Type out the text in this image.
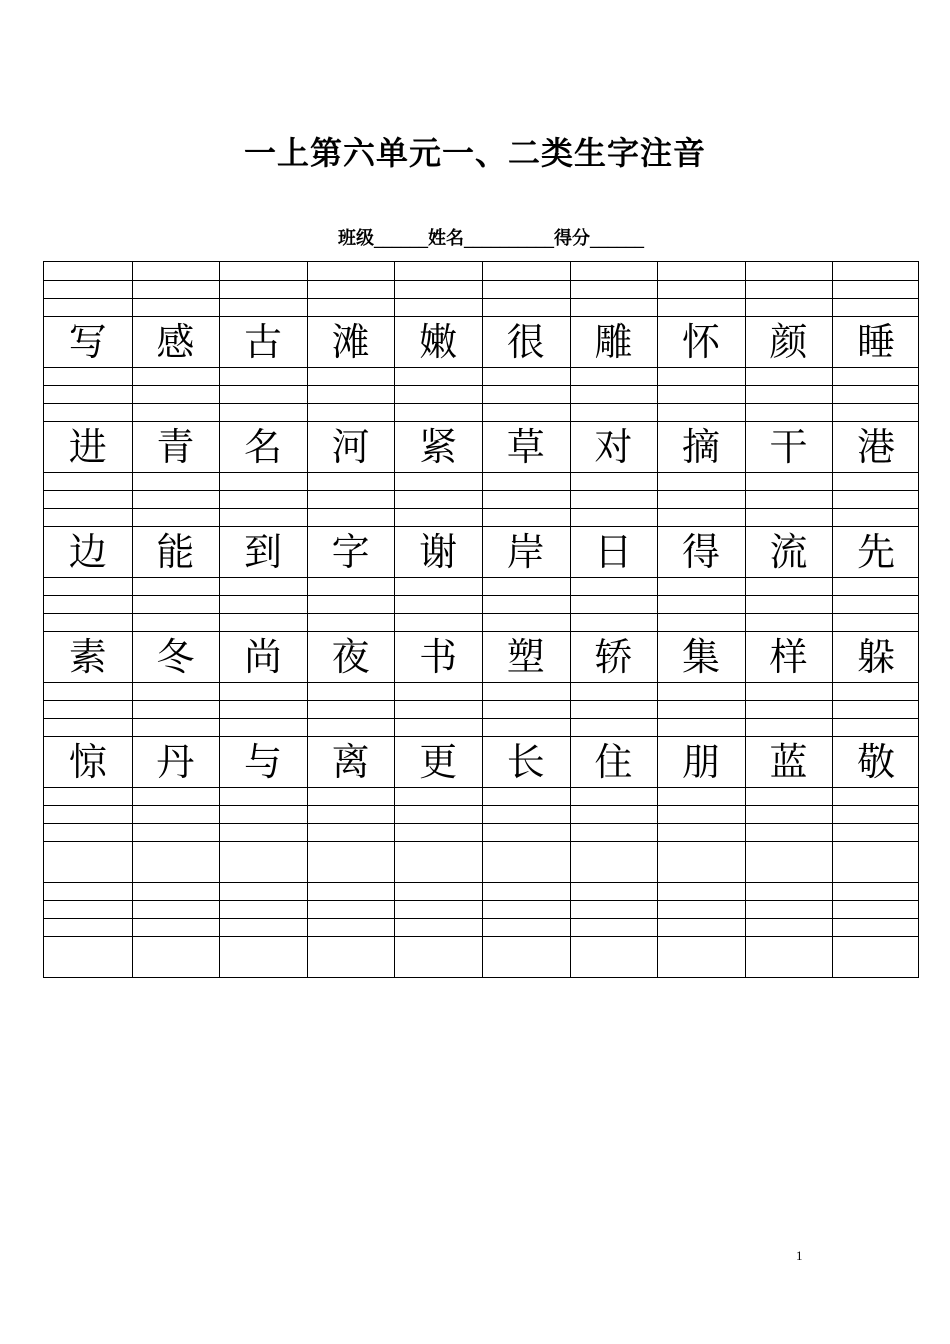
一上第六单元一、二类生字注音
班级______姓名__________得分______
写	感	古	滩	嫩	很	雕	怀	颜	睡
进	青	名	河	紧	草	对	摘	干	港
边	能	到	字	谢	岸	日	得	流	先
素	冬	尚	夜	书	塑	轿	集	样	躲
惊	丹	与	离	更	长	住	朋	蓝	敬
1
